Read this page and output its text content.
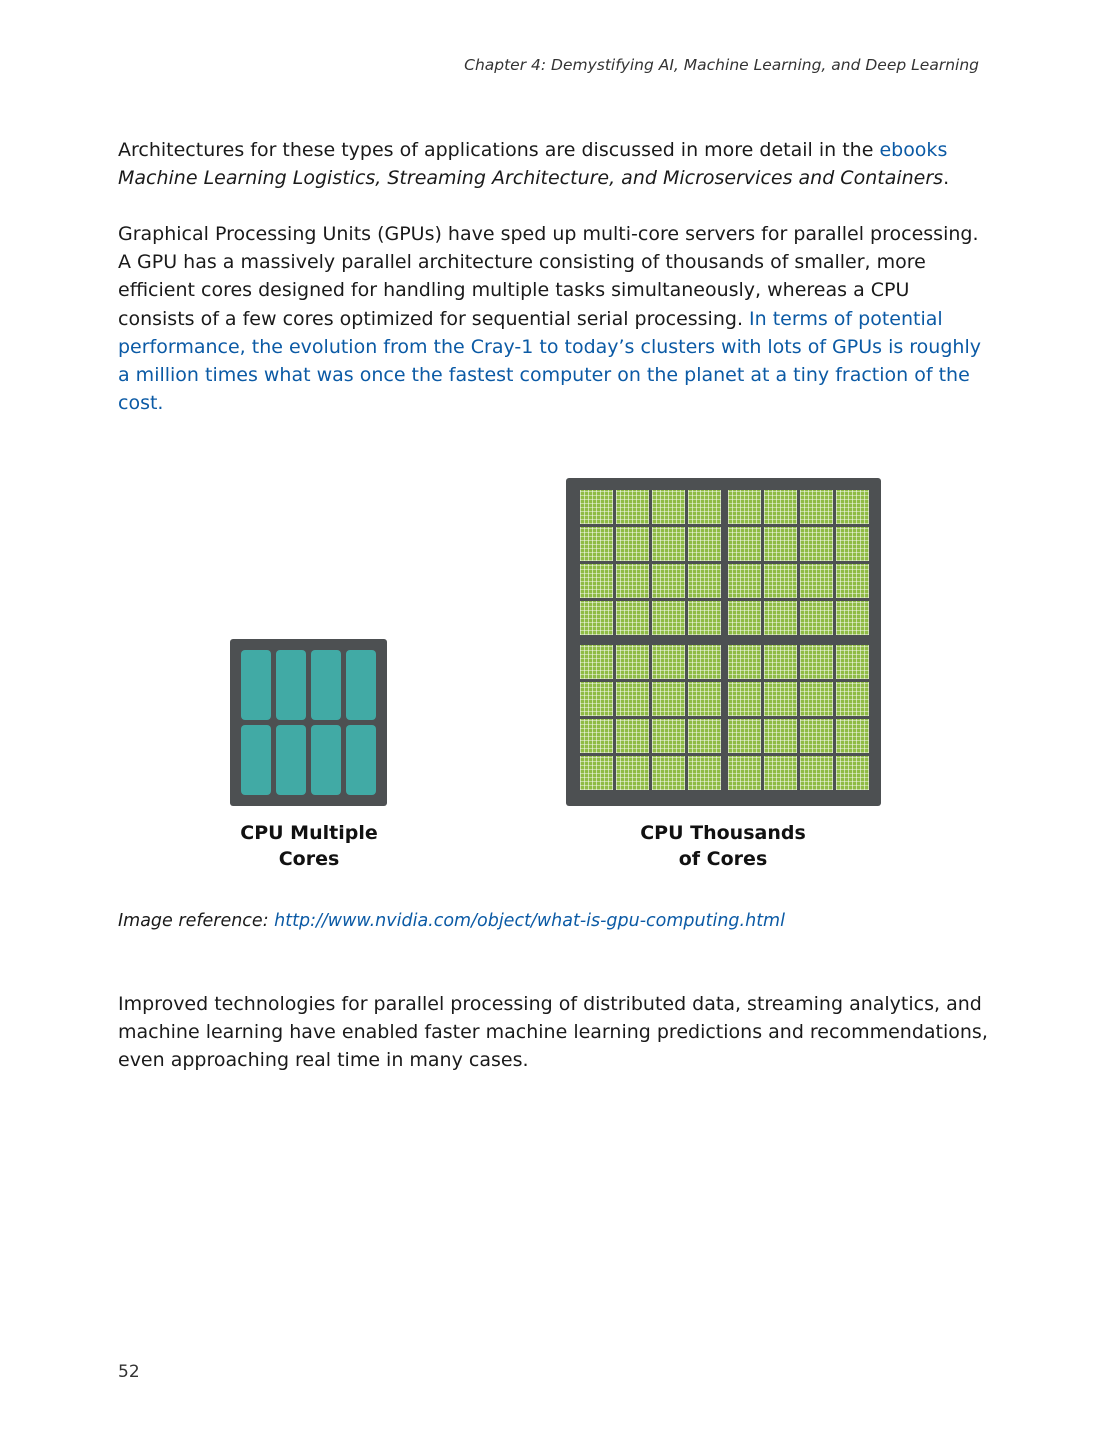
Chapter 4: Demystifying AI, Machine Learning, and Deep Learning

Architectures for these types of applications are discussed in more detail in the ebooks
Machine Learning Logistics, Streaming Architecture, and Microservices and Containers.

Graphical Processing Units (GPUs) have sped up multi-core servers for parallel processing. A GPU has a massively parallel architecture consisting of thousands of smaller, more efficient cores designed for handling multiple tasks simultaneously, whereas a CPU consists of a few cores optimized for sequential serial processing. In terms of potential performance, the evolution from the Cray-1 to today’s clusters with lots of GPUs is roughly a million times what was once the fastest computer on the planet at a tiny fraction of the cost.

CPU Multiple
Cores
CPU Thousands
of Cores
Image reference: http://www.nvidia.com/object/what-is-gpu-computing.html

Improved technologies for parallel processing of distributed data, streaming analytics, and machine learning have enabled faster machine learning predictions and recommendations, even approaching real time in many cases.

52
